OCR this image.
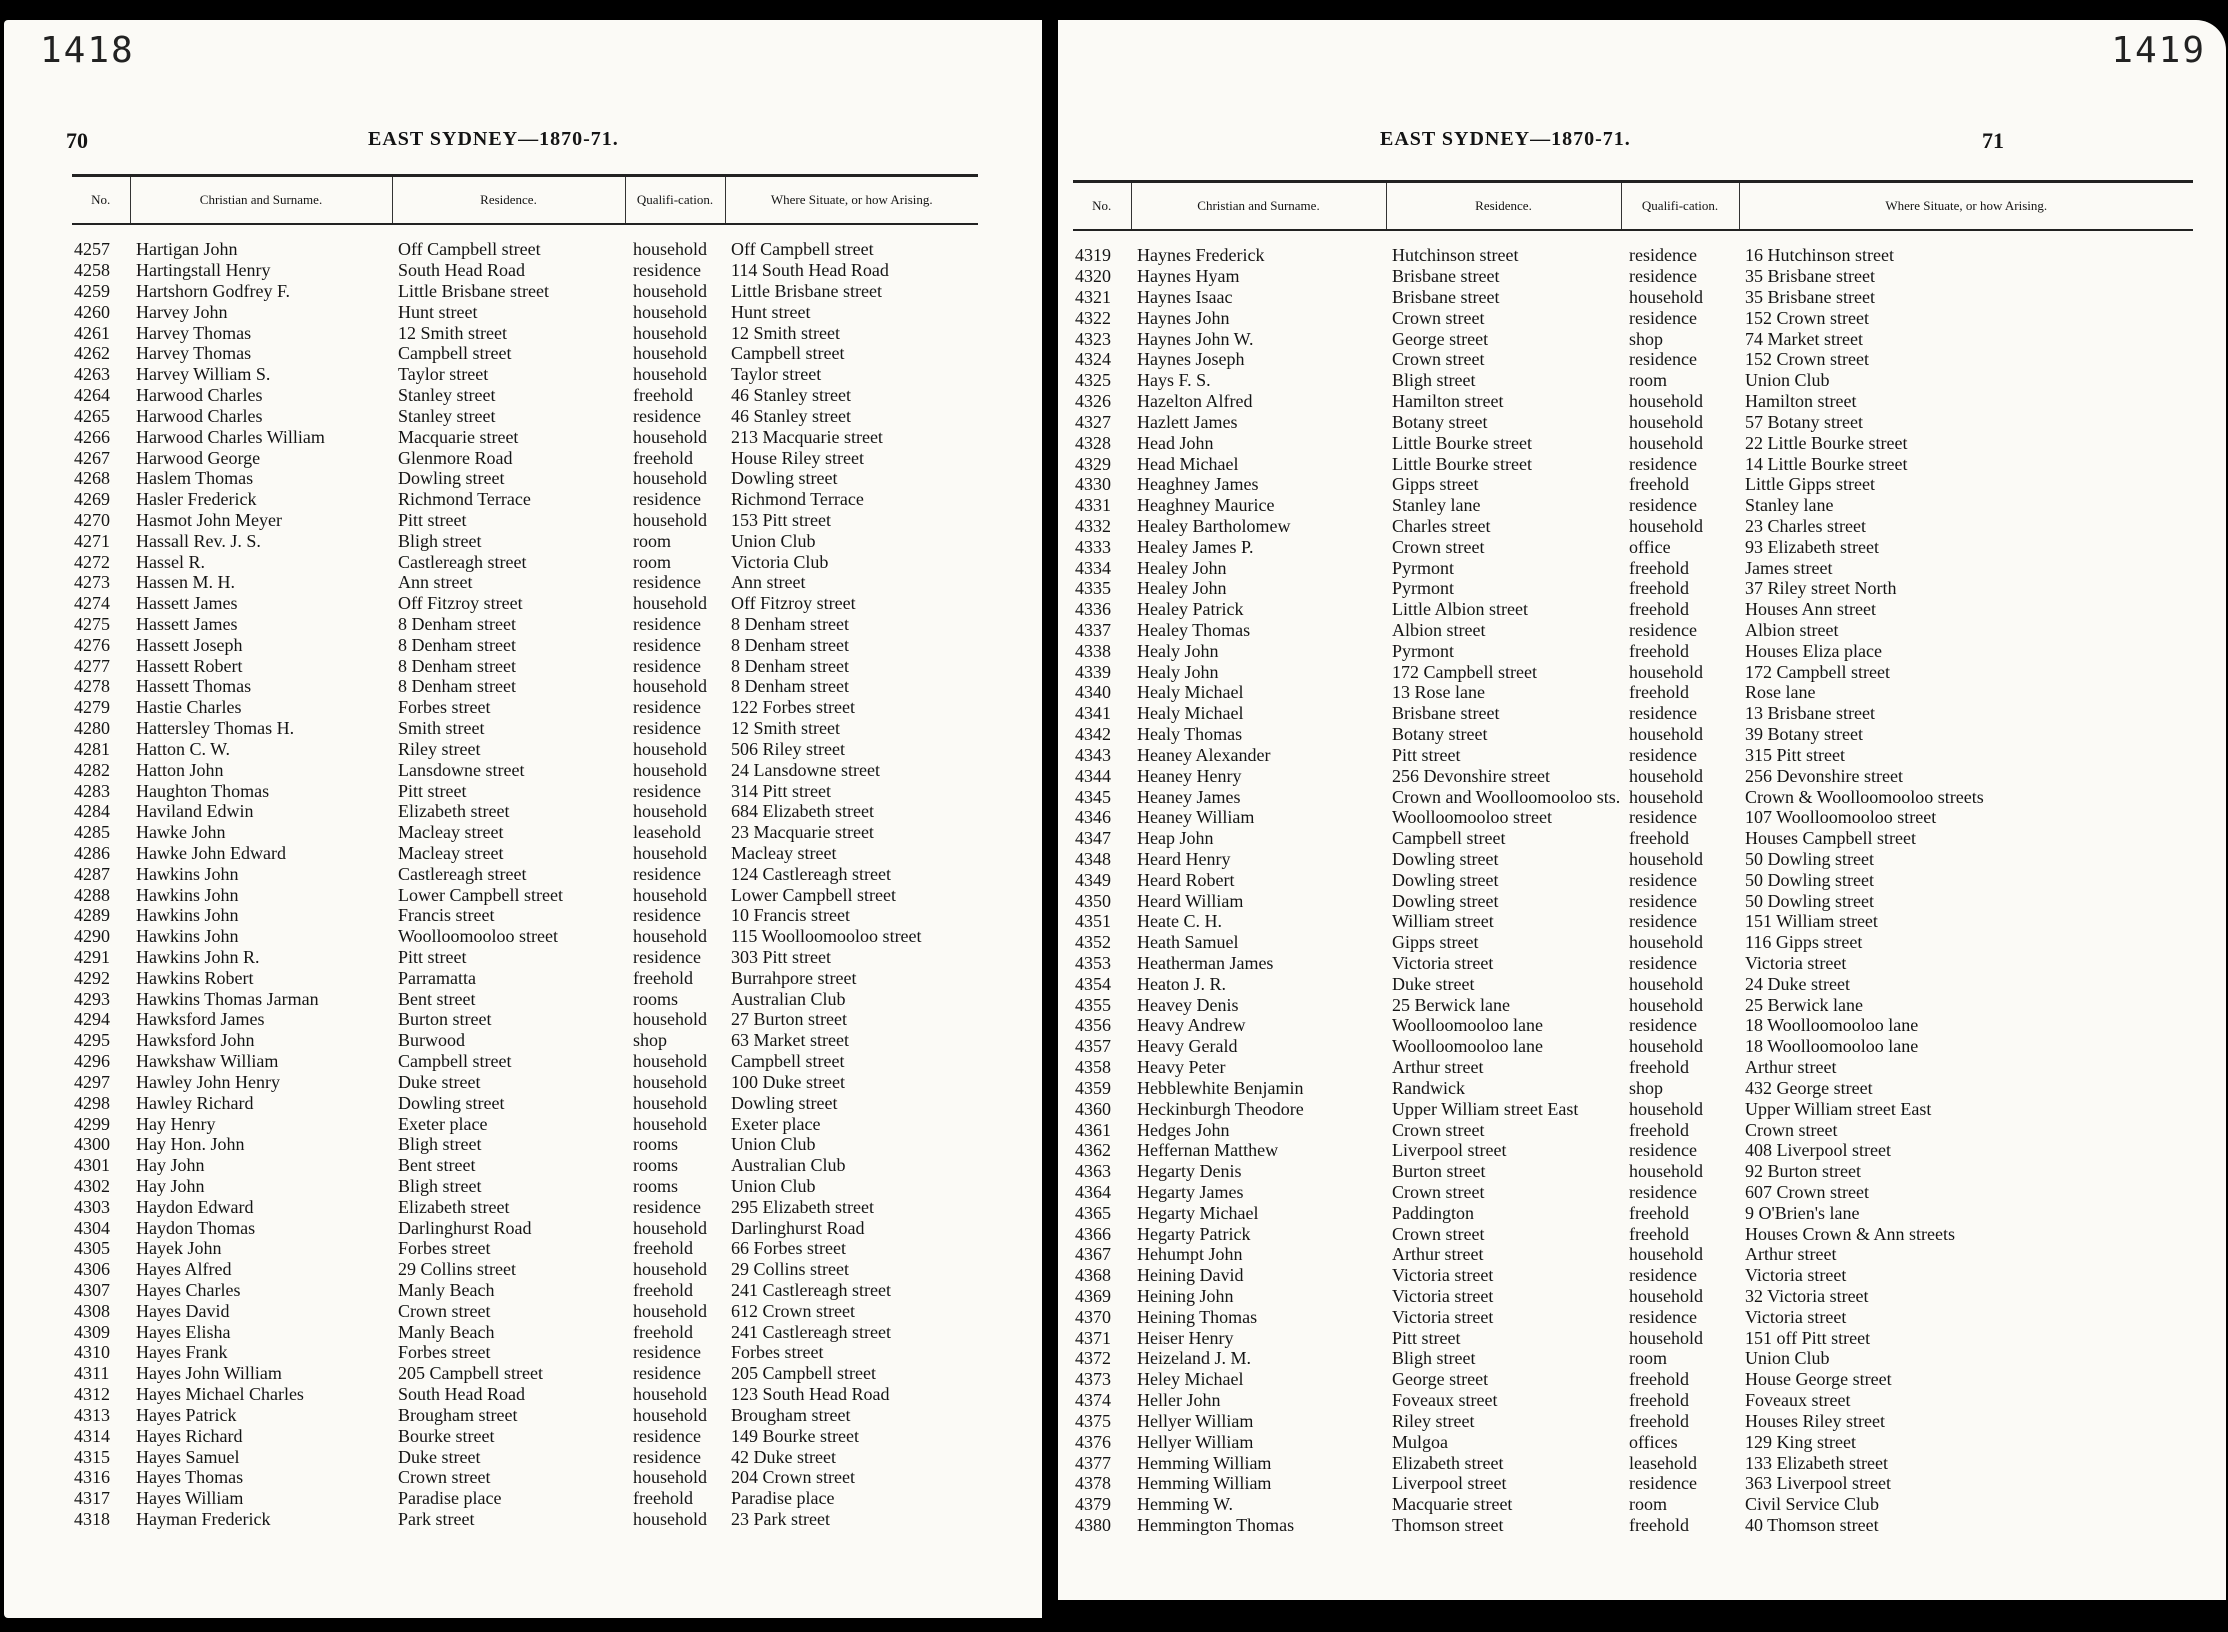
1418
70	EAST SYDNEY—1870-71.
No.	Christian and Surname.	Residence.	Qualifi-cation.	Where Situate, or how Arising.
4257	Hartigan John	Off Campbell street	household	Off Campbell street
4258	Hartingstall Henry	South Head Road	residence	114 South Head Road
4259	Hartshorn Godfrey F.	Little Brisbane street	household	Little Brisbane street
4260	Harvey John	Hunt street	household	Hunt street
4261	Harvey Thomas	12 Smith street	household	12 Smith street
4262	Harvey Thomas	Campbell street	household	Campbell street
4263	Harvey William S.	Taylor street	household	Taylor street
4264	Harwood Charles	Stanley street	freehold	46 Stanley street
4265	Harwood Charles	Stanley street	residence	46 Stanley street
4266	Harwood Charles William	Macquarie street	household	213 Macquarie street
4267	Harwood George	Glenmore Road	freehold	House Riley street
4268	Haslem Thomas	Dowling street	household	Dowling street
4269	Hasler Frederick	Richmond Terrace	residence	Richmond Terrace
4270	Hasmot John Meyer	Pitt street	household	153 Pitt street
4271	Hassall Rev. J. S.	Bligh street	room	Union Club
4272	Hassel R.	Castlereagh street	room	Victoria Club
4273	Hassen M. H.	Ann street	residence	Ann street
4274	Hassett James	Off Fitzroy street	household	Off Fitzroy street
4275	Hassett James	8 Denham street	residence	8 Denham street
4276	Hassett Joseph	8 Denham street	residence	8 Denham street
4277	Hassett Robert	8 Denham street	residence	8 Denham street
4278	Hassett Thomas	8 Denham street	household	8 Denham street
4279	Hastie Charles	Forbes street	residence	122 Forbes street
4280	Hattersley Thomas H.	Smith street	residence	12 Smith street
4281	Hatton C. W.	Riley street	household	506 Riley street
4282	Hatton John	Lansdowne street	household	24 Lansdowne street
4283	Haughton Thomas	Pitt street	residence	314 Pitt street
4284	Haviland Edwin	Elizabeth street	household	684 Elizabeth street
4285	Hawke John	Macleay street	leasehold	23 Macquarie street
4286	Hawke John Edward	Macleay street	household	Macleay street
4287	Hawkins John	Castlereagh street	residence	124 Castlereagh street
4288	Hawkins John	Lower Campbell street	household	Lower Campbell street
4289	Hawkins John	Francis street	residence	10 Francis street
4290	Hawkins John	Woolloomooloo street	household	115 Woolloomooloo street
4291	Hawkins John R.	Pitt street	residence	303 Pitt street
4292	Hawkins Robert	Parramatta	freehold	Burrahpore street
4293	Hawkins Thomas Jarman	Bent street	rooms	Australian Club
4294	Hawksford James	Burton street	household	27 Burton street
4295	Hawksford John	Burwood	shop	63 Market street
4296	Hawkshaw William	Campbell street	household	Campbell street
4297	Hawley John Henry	Duke street	household	100 Duke street
4298	Hawley Richard	Dowling street	household	Dowling street
4299	Hay Henry	Exeter place	household	Exeter place
4300	Hay Hon. John	Bligh street	rooms	Union Club
4301	Hay John	Bent street	rooms	Australian Club
4302	Hay John	Bligh street	rooms	Union Club
4303	Haydon Edward	Elizabeth street	residence	295 Elizabeth street
4304	Haydon Thomas	Darlinghurst Road	household	Darlinghurst Road
4305	Hayek John	Forbes street	freehold	66 Forbes street
4306	Hayes Alfred	29 Collins street	household	29 Collins street
4307	Hayes Charles	Manly Beach	freehold	241 Castlereagh street
4308	Hayes David	Crown street	household	612 Crown street
4309	Hayes Elisha	Manly Beach	freehold	241 Castlereagh street
4310	Hayes Frank	Forbes street	residence	Forbes street
4311	Hayes John William	205 Campbell street	residence	205 Campbell street
4312	Hayes Michael Charles	South Head Road	household	123 South Head Road
4313	Hayes Patrick	Brougham street	household	Brougham street
4314	Hayes Richard	Bourke street	residence	149 Bourke street
4315	Hayes Samuel	Duke street	residence	42 Duke street
4316	Hayes Thomas	Crown street	household	204 Crown street
4317	Hayes William	Paradise place	freehold	Paradise place
4318	Hayman Frederick	Park street	household	23 Park street
1419
EAST SYDNEY—1870-71.	71
No.	Christian and Surname.	Residence.	Qualifi-cation.	Where Situate, or how Arising.
4319	Haynes Frederick	Hutchinson street	residence	16 Hutchinson street
4320	Haynes Hyam	Brisbane street	residence	35 Brisbane street
4321	Haynes Isaac	Brisbane street	household	35 Brisbane street
4322	Haynes John	Crown street	residence	152 Crown street
4323	Haynes John W.	George street	shop	74 Market street
4324	Haynes Joseph	Crown street	residence	152 Crown street
4325	Hays F. S.	Bligh street	room	Union Club
4326	Hazelton Alfred	Hamilton street	household	Hamilton street
4327	Hazlett James	Botany street	household	57 Botany street
4328	Head John	Little Bourke street	household	22 Little Bourke street
4329	Head Michael	Little Bourke street	residence	14 Little Bourke street
4330	Heaghney James	Gipps street	freehold	Little Gipps street
4331	Heaghney Maurice	Stanley lane	residence	Stanley lane
4332	Healey Bartholomew	Charles street	household	23 Charles street
4333	Healey James P.	Crown street	office	93 Elizabeth street
4334	Healey John	Pyrmont	freehold	James street
4335	Healey John	Pyrmont	freehold	37 Riley street North
4336	Healey Patrick	Little Albion street	freehold	Houses Ann street
4337	Healey Thomas	Albion street	residence	Albion street
4338	Healy John	Pyrmont	freehold	Houses Eliza place
4339	Healy John	172 Campbell street	household	172 Campbell street
4340	Healy Michael	13 Rose lane	freehold	Rose lane
4341	Healy Michael	Brisbane street	residence	13 Brisbane street
4342	Healy Thomas	Botany street	household	39 Botany street
4343	Heaney Alexander	Pitt street	residence	315 Pitt street
4344	Heaney Henry	256 Devonshire street	household	256 Devonshire street
4345	Heaney James	Crown and Woolloomooloo sts.	household	Crown & Woolloomooloo streets
4346	Heaney William	Woolloomooloo street	residence	107 Woolloomooloo street
4347	Heap John	Campbell street	freehold	Houses Campbell street
4348	Heard Henry	Dowling street	household	50 Dowling street
4349	Heard Robert	Dowling street	residence	50 Dowling street
4350	Heard William	Dowling street	residence	50 Dowling street
4351	Heate C. H.	William street	residence	151 William street
4352	Heath Samuel	Gipps street	household	116 Gipps street
4353	Heatherman James	Victoria street	residence	Victoria street
4354	Heaton J. R.	Duke street	household	24 Duke street
4355	Heavey Denis	25 Berwick lane	household	25 Berwick lane
4356	Heavy Andrew	Woolloomooloo lane	residence	18 Woolloomooloo lane
4357	Heavy Gerald	Woolloomooloo lane	household	18 Woolloomooloo lane
4358	Heavy Peter	Arthur street	freehold	Arthur street
4359	Hebblewhite Benjamin	Randwick	shop	432 George street
4360	Heckinburgh Theodore	Upper William street East	household	Upper William street East
4361	Hedges John	Crown street	freehold	Crown street
4362	Heffernan Matthew	Liverpool street	residence	408 Liverpool street
4363	Hegarty Denis	Burton street	household	92 Burton street
4364	Hegarty James	Crown street	residence	607 Crown street
4365	Hegarty Michael	Paddington	freehold	9 O'Brien's lane
4366	Hegarty Patrick	Crown street	freehold	Houses Crown & Ann streets
4367	Hehumpt John	Arthur street	household	Arthur street
4368	Heining David	Victoria street	residence	Victoria street
4369	Heining John	Victoria street	household	32 Victoria street
4370	Heining Thomas	Victoria street	residence	Victoria street
4371	Heiser Henry	Pitt street	household	151 off Pitt street
4372	Heizeland J. M.	Bligh street	room	Union Club
4373	Heley Michael	George street	freehold	House George street
4374	Heller John	Foveaux street	freehold	Foveaux street
4375	Hellyer William	Riley street	freehold	Houses Riley street
4376	Hellyer William	Mulgoa	offices	129 King street
4377	Hemming William	Elizabeth street	leasehold	133 Elizabeth street
4378	Hemming William	Liverpool street	residence	363 Liverpool street
4379	Hemming W.	Macquarie street	room	Civil Service Club
4380	Hemmington Thomas	Thomson street	freehold	40 Thomson street
